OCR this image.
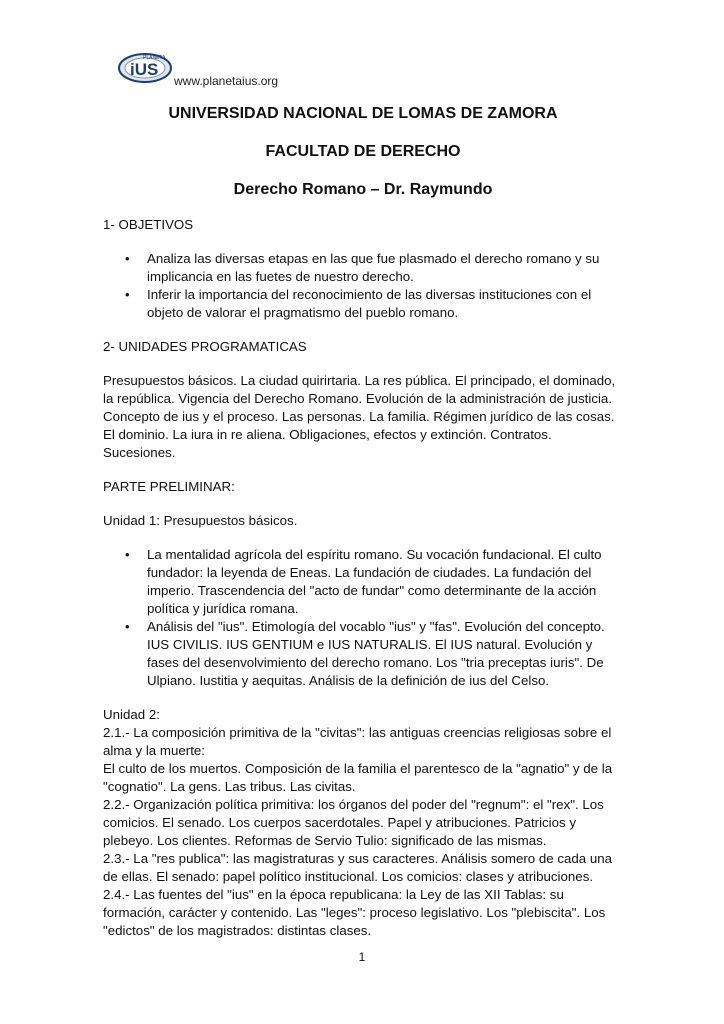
iUS
PLANETA
www.planetaius.org
UNIVERSIDAD NACIONAL DE LOMAS DE ZAMORA
FACULTAD DE DERECHO
Derecho Romano – Dr. Raymundo

1- OBJETIVOS

• Analiza las diversas etapas en las que fue plasmado el derecho romano y su implicancia en las fuetes de nuestro derecho.
• Inferir la importancia del reconocimiento de las diversas instituciones con el objeto de valorar el pragmatismo del pueblo romano.

2- UNIDADES PROGRAMATICAS

Presupuestos básicos. La ciudad quirirtaria. La res pública. El principado, el dominado, la república. Vigencia del Derecho Romano. Evolución de la administración de justicia. Concepto de ius y el proceso. Las personas. La familia. Régimen jurídico de las cosas. El dominio. La iura in re aliena. Obligaciones, efectos y extinción. Contratos. Sucesiones.

PARTE PRELIMINAR:

Unidad 1: Presupuestos básicos.

• La mentalidad agrícola del espíritu romano. Su vocación fundacional. El culto fundador: la leyenda de Eneas. La fundación de ciudades. La fundación del imperio. Trascendencia del "acto de fundar" como determinante de la acción política y jurídica romana.
• Análisis del "ius". Etimología del vocablo "ius" y "fas". Evolución del concepto. IUS CIVILIS. IUS GENTIUM e IUS NATURALIS. El IUS natural. Evolución y fases del desenvolvimiento del derecho romano. Los "tria preceptas iuris". De Ulpiano. Iustitia y aequitas. Análisis de la definición de ius del Celso.

Unidad 2:

2.1.- La composición primitiva de la "civitas": las antiguas creencias religiosas sobre el alma y la muerte:

El culto de los muertos. Composición de la familia el parentesco de la "agnatio" y de la "cognatio". La gens. Las tribus. Las civitas.

2.2.- Organización política primitiva: los órganos del poder del "regnum": el "rex". Los comicios. El senado. Los cuerpos sacerdotales. Papel y atribuciones. Patricios y plebeyo. Los clientes. Reformas de Servio Tulio: significado de las mismas.

2.3.- La "res publica": las magistraturas y sus caracteres. Análisis somero de cada una de ellas. El senado: papel político institucional. Los comicios: clases y atribuciones.

2.4.- Las fuentes del "ius" en la época republicana: la Ley de las XII Tablas: su formación, carácter y contenido. Las "leges": proceso legislativo. Los "plebiscita". Los "edictos" de los magistrados: distintas clases.

1
